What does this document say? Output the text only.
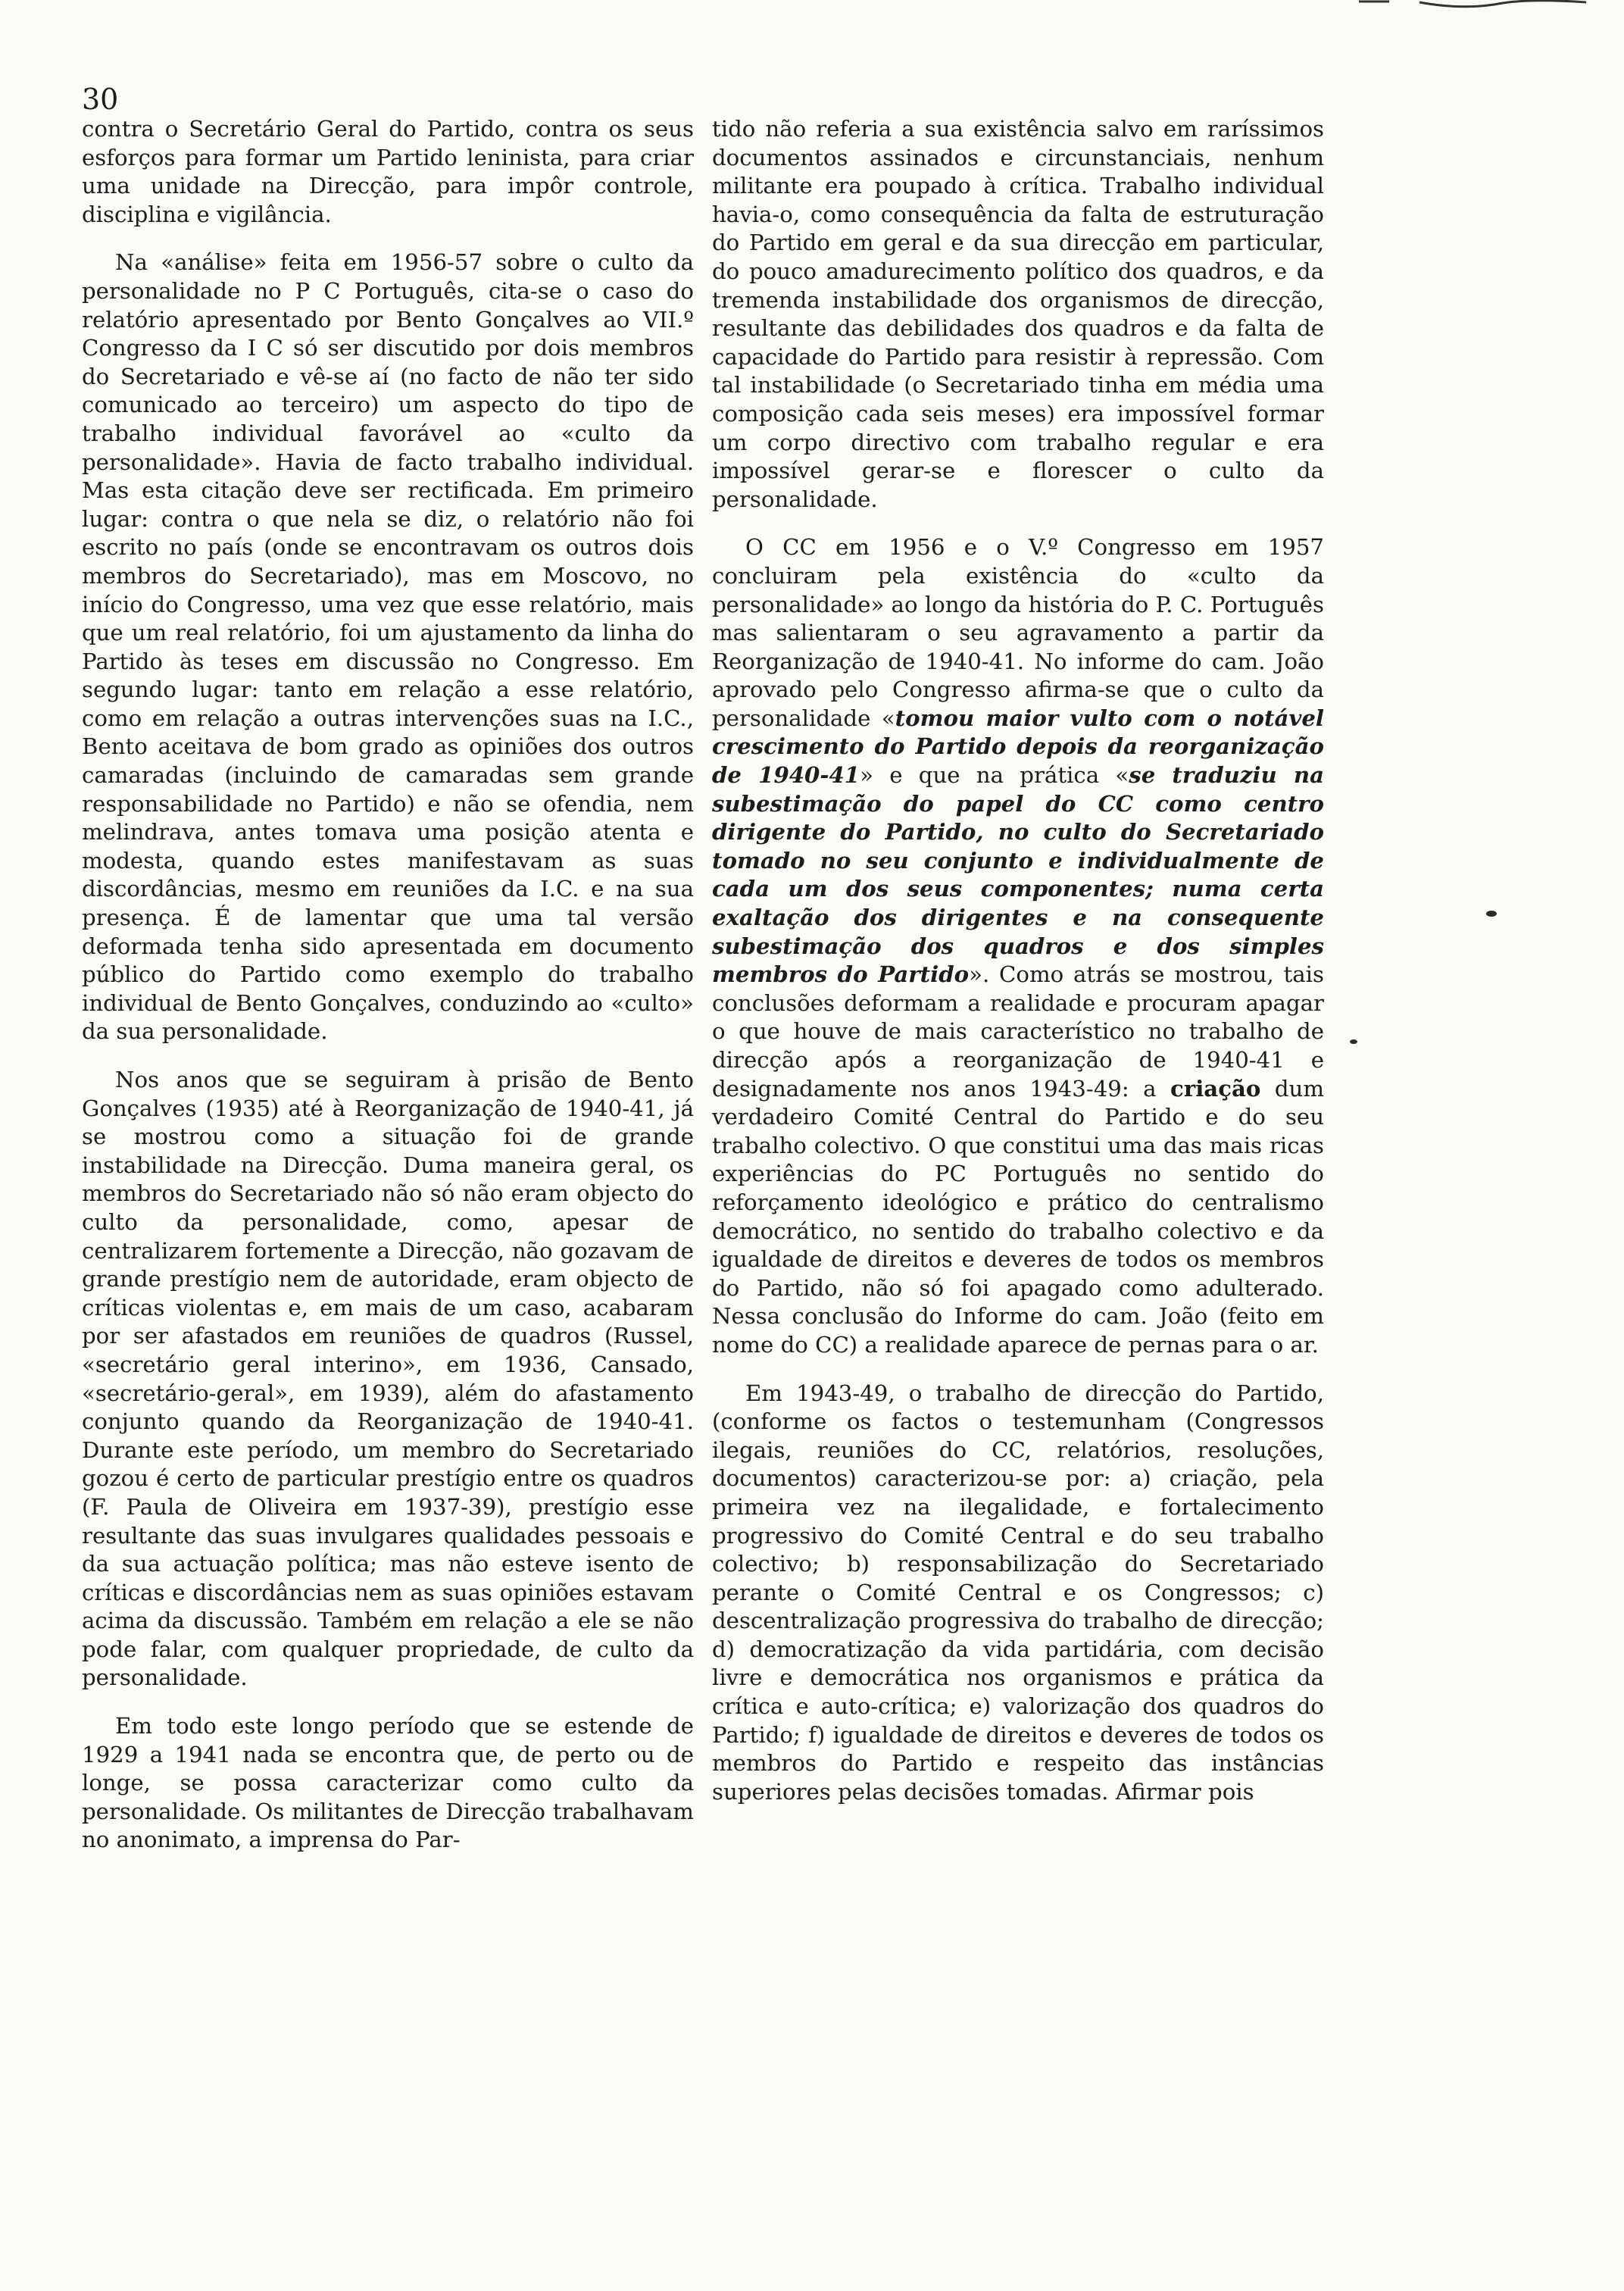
30

contra o Secretário Geral do Partido, contra os seus esforços para formar um Partido leninista, para criar uma unidade na Direcção, para impôr controle, disciplina e vigilância.

Na «análise» feita em 1956-57 sobre o culto da personalidade no P C Português, cita-se o caso do relatório apresentado por Bento Gonçalves ao VII.º Congresso da I C só ser discutido por dois membros do Secretariado e vê-se aí (no facto de não ter sido comunicado ao terceiro) um aspecto do tipo de trabalho individual favorável ao «culto da personalidade». Havia de facto trabalho individual. Mas esta citação deve ser rectificada. Em primeiro lugar: contra o que nela se diz, o relatório não foi escrito no país (onde se encontravam os outros dois membros do Secretariado), mas em Moscovo, no início do Congresso, uma vez que esse relatório, mais que um real relatório, foi um ajustamento da linha do Partido às teses em discussão no Congresso. Em segundo lugar: tanto em relação a esse relatório, como em relação a outras intervenções suas na I.C., Bento aceitava de bom grado as opiniões dos outros camaradas (incluindo de camaradas sem grande responsabilidade no Partido) e não se ofendia, nem melindrava, antes tomava uma posição atenta e modesta, quando estes manifestavam as suas discordâncias, mesmo em reuniões da I.C. e na sua presença. É de lamentar que uma tal versão deformada tenha sido apresentada em documento público do Partido como exemplo do trabalho individual de Bento Gonçalves, conduzindo ao «culto» da sua personalidade.

Nos anos que se seguiram à prisão de Bento Gonçalves (1935) até à Reorganização de 1940-41, já se mostrou como a situação foi de grande instabilidade na Direcção. Duma maneira geral, os membros do Secretariado não só não eram objecto do culto da personalidade, como, apesar de centralizarem fortemente a Direcção, não gozavam de grande prestígio nem de autoridade, eram objecto de críticas violentas e, em mais de um caso, acabaram por ser afastados em reuniões de quadros (Russel, «secretário geral interino», em 1936, Cansado, «secretário-geral», em 1939), além do afastamento conjunto quando da Reorganização de 1940-41. Durante este período, um membro do Secretariado gozou é certo de particular prestígio entre os quadros (F. Paula de Oliveira em 1937-39), prestígio esse resultante das suas invulgares qualidades pessoais e da sua actuação política; mas não esteve isento de críticas e discordâncias nem as suas opiniões estavam acima da discussão. Também em relação a ele se não pode falar, com qualquer propriedade, de culto da personalidade.

Em todo este longo período que se estende de 1929 a 1941 nada se encontra que, de perto ou de longe, se possa caracterizar como culto da personalidade. Os militantes de Direcção trabalhavam no anonimato, a imprensa do Par-

tido não referia a sua existência salvo em raríssimos documentos assinados e circunstanciais, nenhum militante era poupado à crítica. Trabalho individual havia-o, como consequência da falta de estruturação do Partido em geral e da sua direcção em particular, do pouco amadurecimento político dos quadros, e da tremenda instabilidade dos organismos de direcção, resultante das debilidades dos quadros e da falta de capacidade do Partido para resistir à repressão. Com tal instabilidade (o Secretariado tinha em média uma composição cada seis meses) era impossível formar um corpo directivo com trabalho regular e era impossível gerar-se e florescer o culto da personalidade.

O CC em 1956 e o V.º Congresso em 1957 concluiram pela existência do «culto da personalidade» ao longo da história do P. C. Português mas salientaram o seu agravamento a partir da Reorganização de 1940-41. No informe do cam. João aprovado pelo Congresso afirma-se que o culto da personalidade «tomou maior vulto com o notável crescimento do Partido depois da reorganização de 1940-41» e que na prática «se traduziu na subestimação do papel do CC como centro dirigente do Partido, no culto do Secretariado tomado no seu conjunto e individualmente de cada um dos seus componentes; numa certa exaltação dos dirigentes e na consequente subestimação dos quadros e dos simples membros do Partido». Como atrás se mostrou, tais conclusões deformam a realidade e procuram apagar o que houve de mais característico no trabalho de direcção após a reorganização de 1940-41 e designadamente nos anos 1943-49: a criação dum verdadeiro Comité Central do Partido e do seu trabalho colectivo. O que constitui uma das mais ricas experiências do PC Português no sentido do reforçamento ideológico e prático do centralismo democrático, no sentido do trabalho colectivo e da igualdade de direitos e deveres de todos os membros do Partido, não só foi apagado como adulterado. Nessa conclusão do Informe do cam. João (feito em nome do CC) a realidade aparece de pernas para o ar.

Em 1943-49, o trabalho de direcção do Partido, (conforme os factos o testemunham (Congressos ilegais, reuniões do CC, relatórios, resoluções, documentos) caracterizou-se por: a) criação, pela primeira vez na ilegalidade, e fortalecimento progressivo do Comité Central e do seu trabalho colectivo; b) responsabilização do Secretariado perante o Comité Central e os Congressos; c) descentralização progressiva do trabalho de direcção; d) democratização da vida partidária, com decisão livre e democrática nos organismos e prática da crítica e auto-crítica; e) valorização dos quadros do Partido; f) igualdade de direitos e deveres de todos os membros do Partido e respeito das instâncias superiores pelas decisões tomadas. Afirmar pois
